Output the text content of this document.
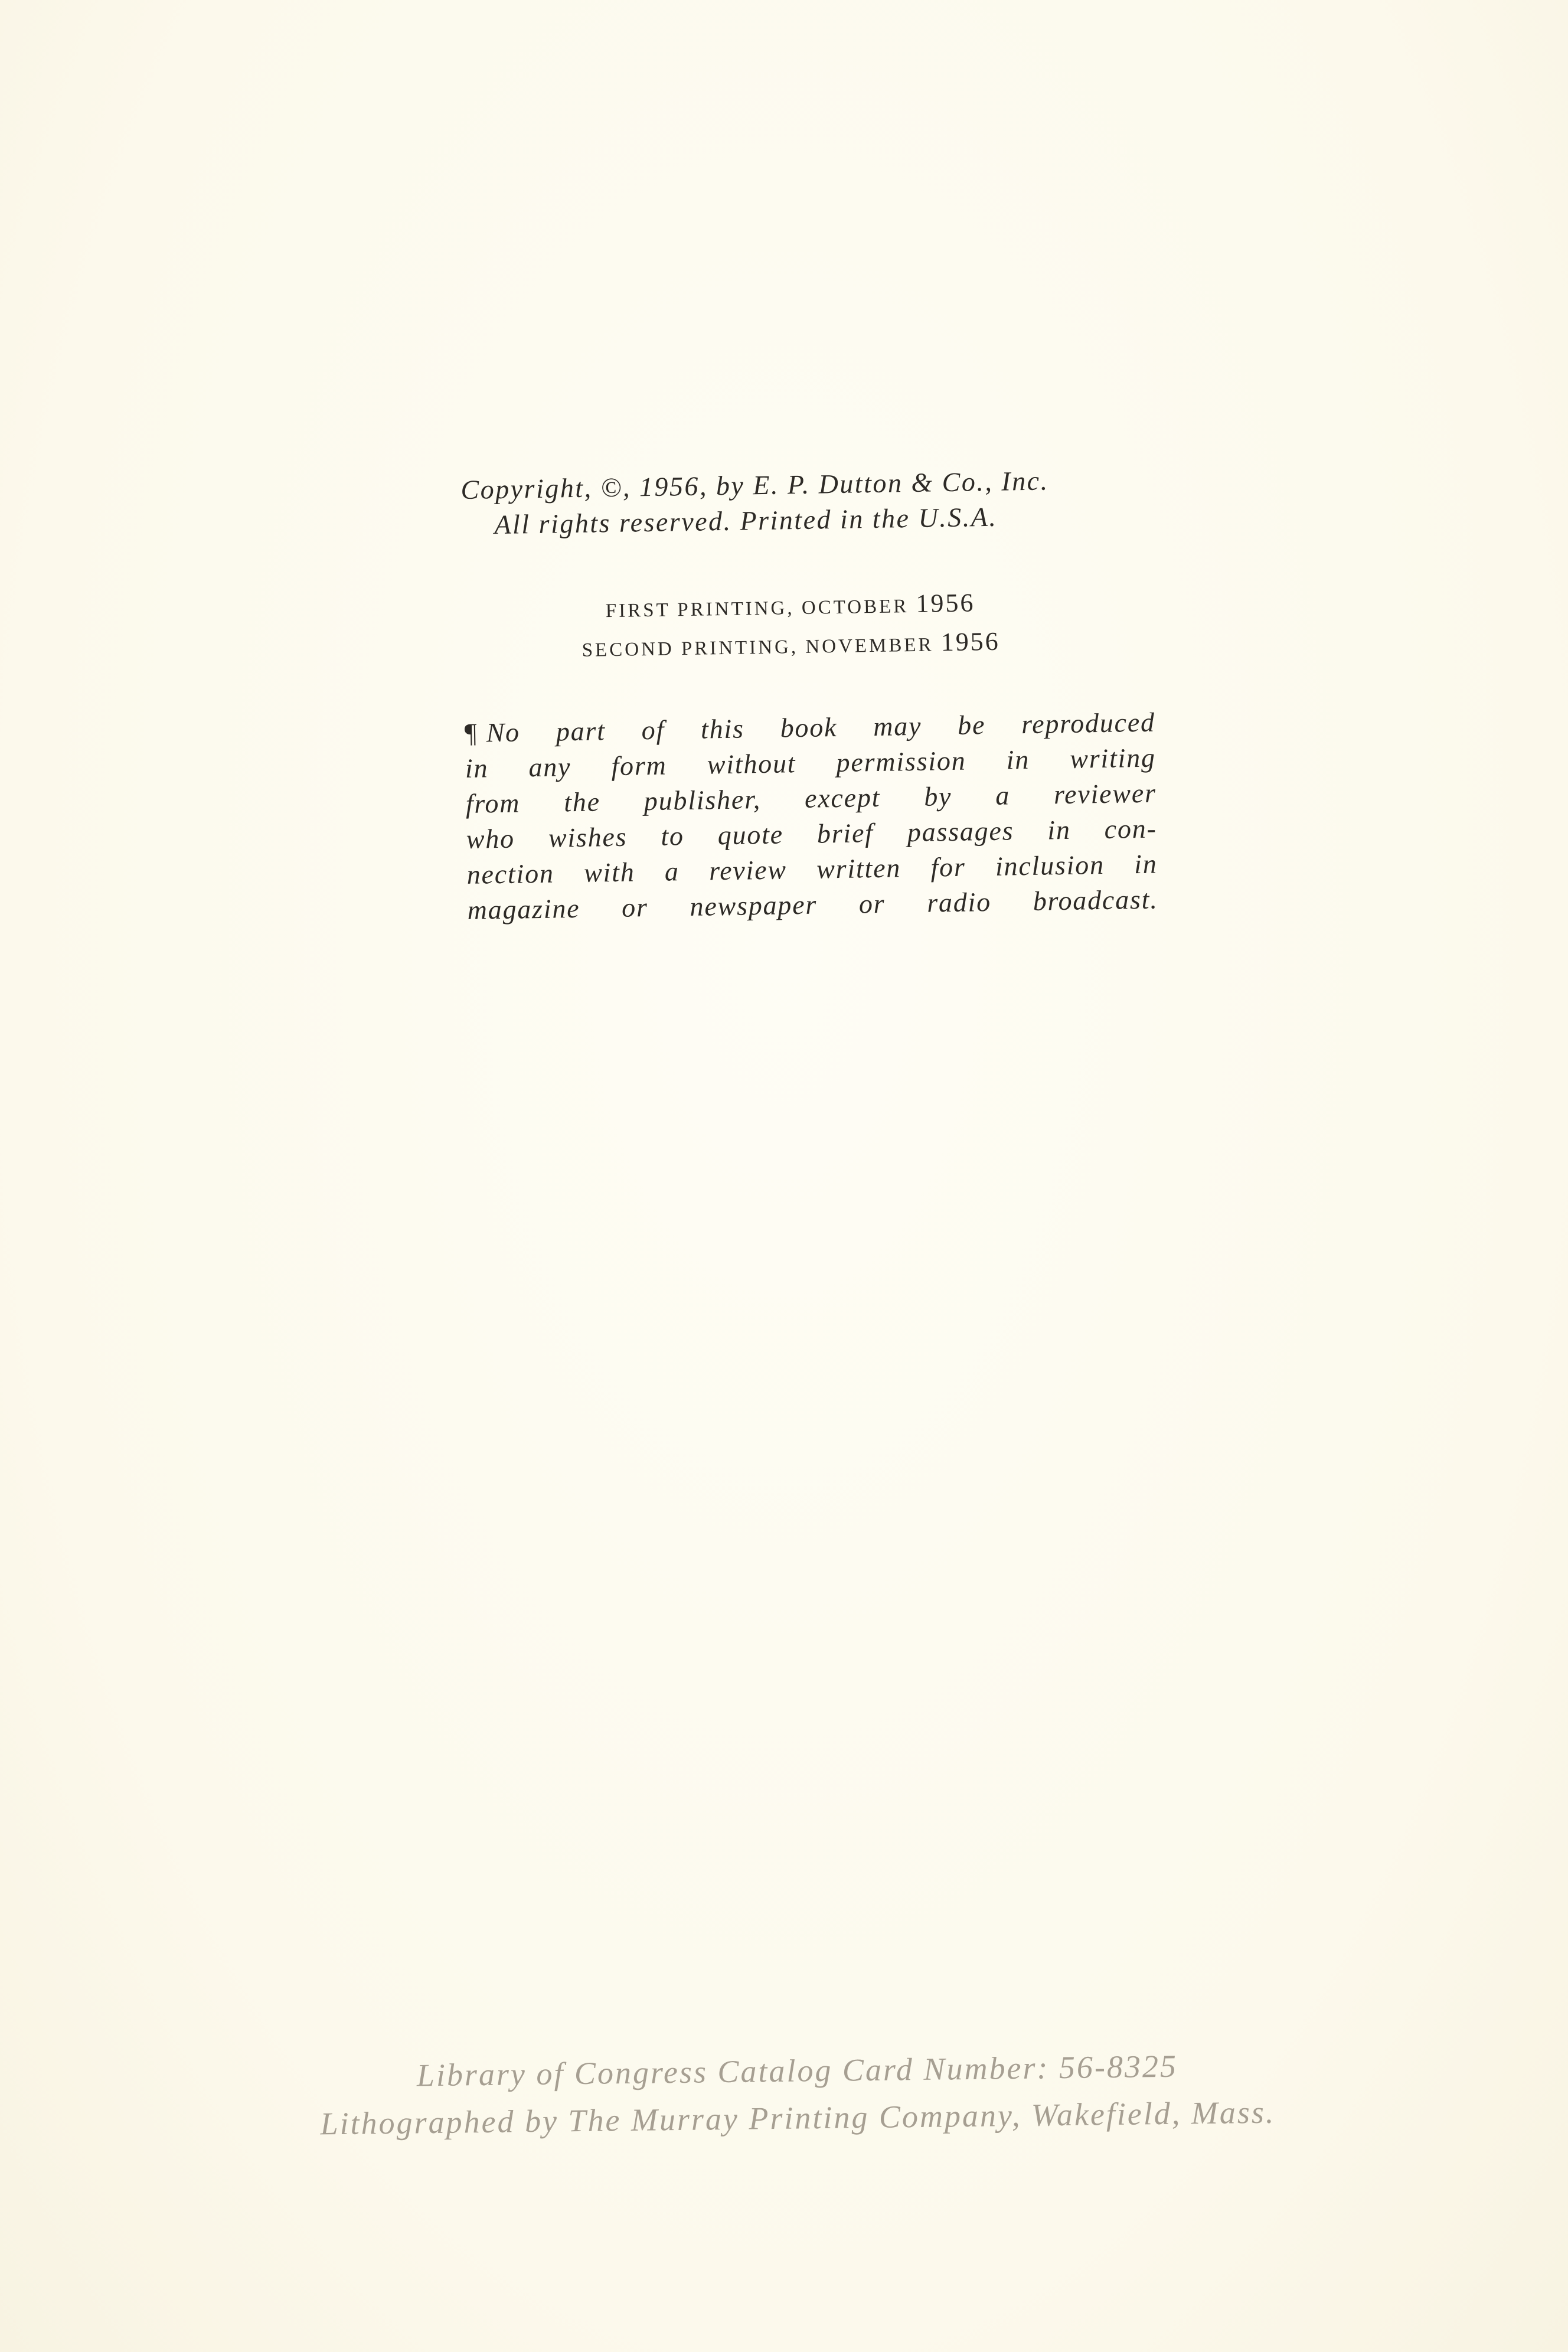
Copyright, ©, 1956, by E. P. Dutton & Co., Inc.
All rights reserved. Printed in the U.S.A.
FIRST PRINTING, OCTOBER 1956
SECOND PRINTING, NOVEMBER 1956
¶ No part of this book may be reproduced
in any form without permission in writing
from the publisher, except by a reviewer
who wishes to quote brief passages in con-
nection with a review written for inclusion in
magazine or newspaper or radio broadcast.
Library of Congress Catalog Card Number: 56-8325
Lithographed by The Murray Printing Company, Wakefield, Mass.
